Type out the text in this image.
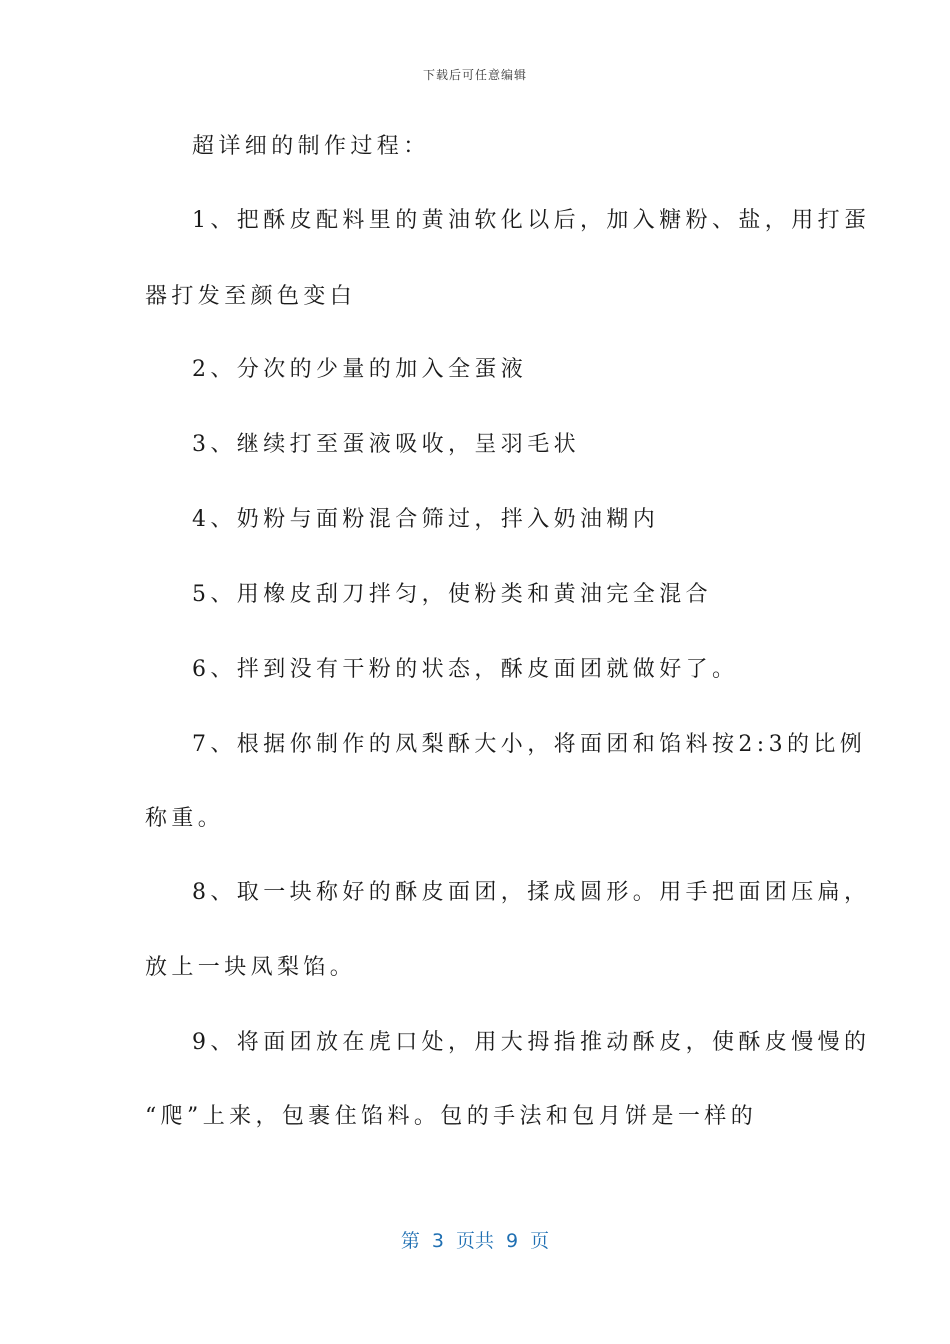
下载后可任意编辑
超详细的制作过程：
1、把酥皮配料里的黄油软化以后，加入糖粉、盐，用打蛋
器打发至颜色变白
2、分次的少量的加入全蛋液
3、继续打至蛋液吸收，呈羽毛状
4、奶粉与面粉混合筛过，拌入奶油糊内
5、用橡皮刮刀拌匀，使粉类和黄油完全混合
6、拌到没有干粉的状态，酥皮面团就做好了。
7、根据你制作的凤梨酥大小，将面团和馅料按2:3的比例
称重。
8、取一块称好的酥皮面团，揉成圆形。用手把面团压扁，
放上一块凤梨馅。
9、将面团放在虎口处，用大拇指推动酥皮，使酥皮慢慢的
“爬”上来，包裹住馅料。包的手法和包月饼是一样的
第 3 页共 9 页
